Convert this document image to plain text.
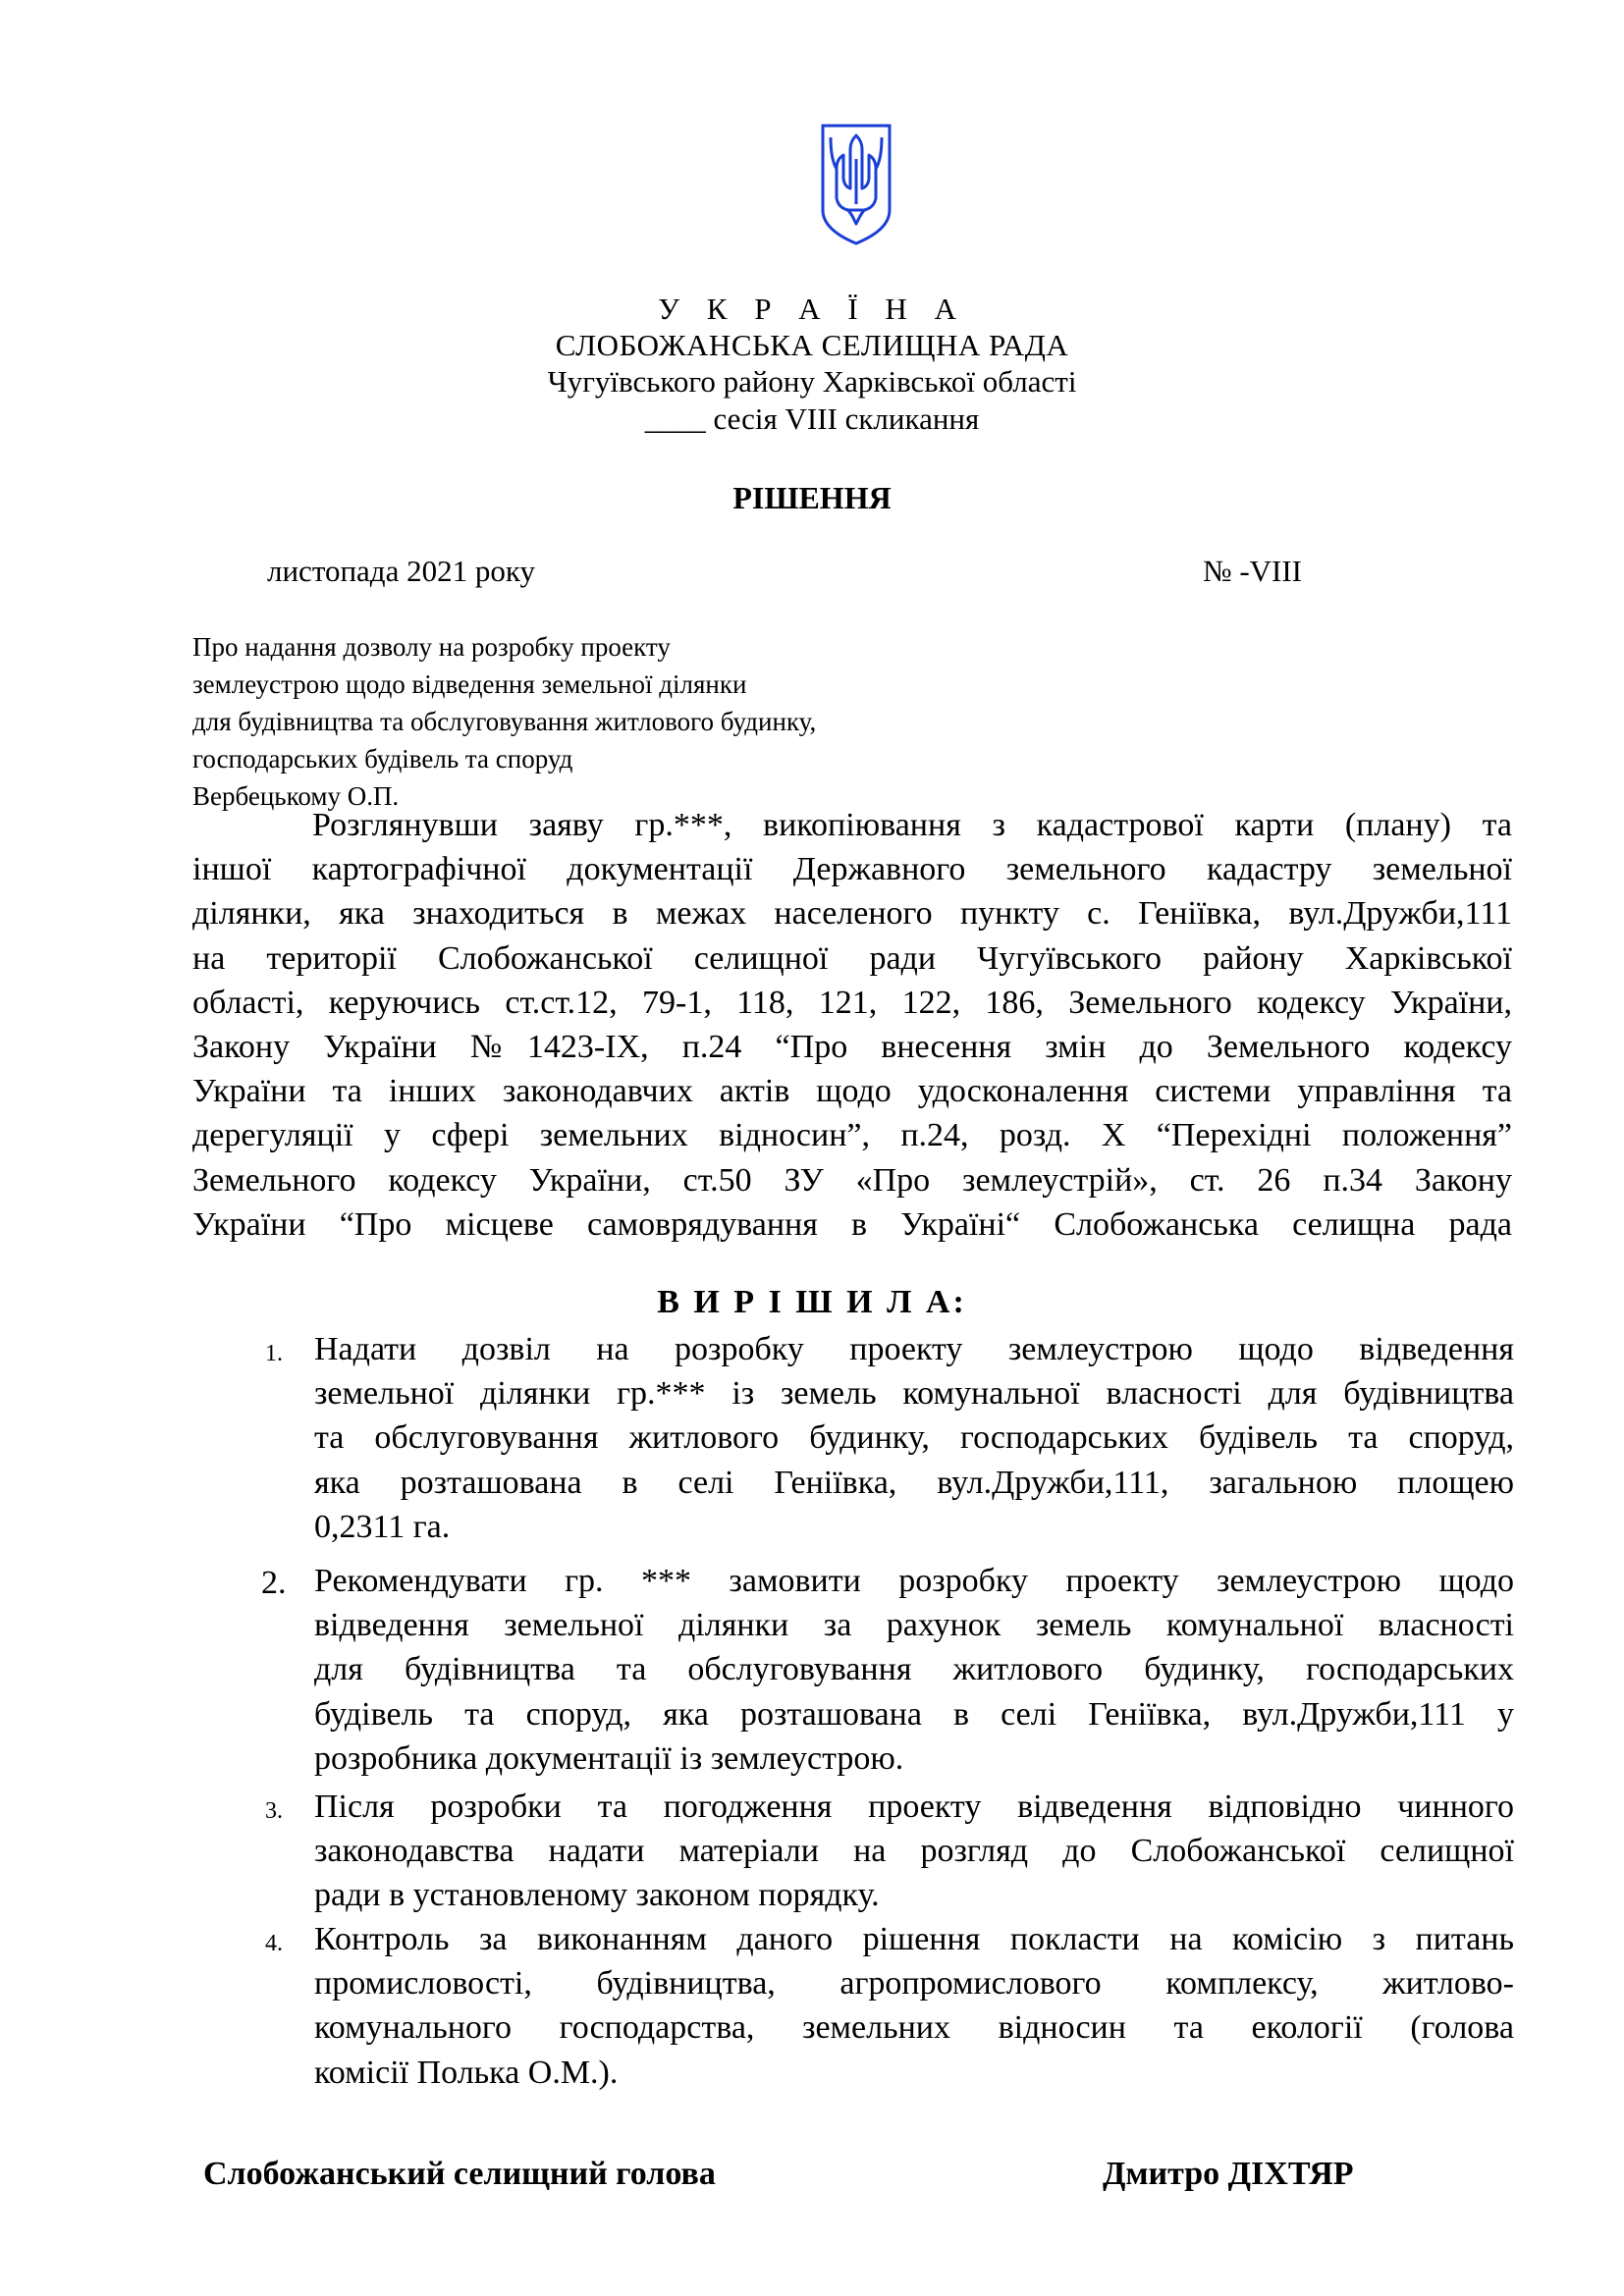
У К Р А Ї Н А
СЛОБОЖАНСЬКА СЕЛИЩНА РАДА
Чугуївського району Харківської області
____ сесія VIII скликання
РІШЕННЯ
листопада 2021 року	№ -VIII
Про надання дозволу на розробку проекту
землеустрою щодо відведення земельної ділянки
для будівництва та обслуговування житлового будинку,
господарських будівель та споруд
Вербецькому О.П.
Розглянувши заяву гр.***, викопіювання з кадастрової карти (плану) та
іншої картографічної документації Державного земельного кадастру земельної
ділянки, яка знаходиться в межах населеного пункту с. Геніївка, вул.Дружби,111
на території Слобожанської селищної ради Чугуївського району Харківської
області, керуючись ст.ст.12, 79-1, 118, 121, 122, 186, Земельного кодексу України,
Закону України №1423-IX, п.24 “Про внесення змін до Земельного кодексу
України та інших законодавчих актів щодо удосконалення системи управління та
дерегуляції у сфері земельних відносин”, п.24, розд. Х “Перехідні положення”
Земельного кодексу України, ст.50 ЗУ «Про землеустрій», ст. 26 п.34 Закону
України “Про місцеве самоврядування в Україні“ Слобожанська селищна рада
В И Р І Ш И Л А:
1. Надати дозвіл на розробку проекту землеустрою щодо відведення
земельної ділянки гр.*** із земель комунальної власності для будівництва
та обслуговування житлового будинку, господарських будівель та споруд,
яка розташована в селі Геніївка, вул.Дружби,111, загальною площею
0,2311 га.
2. Рекомендувати гр. *** замовити розробку проекту землеустрою щодо
відведення земельної ділянки за рахунок земель комунальної власності
для будівництва та обслуговування житлового будинку, господарських
будівель та споруд, яка розташована в селі Геніївка, вул.Дружби,111 у
розробника документації із землеустрою.
3. Після розробки та погодження проекту відведення відповідно чинного
законодавства надати матеріали на розгляд до Слобожанської селищної
ради в установленому законом порядку.
4. Контроль за виконанням даного рішення покласти на комісію з питань
промисловості, будівництва, агропромислового комплексу, житлово-
комунального господарства, земельних відносин та екології (голова
комісії Полька О.М.).
Слобожанський селищний голова	Дмитро ДІХТЯР
